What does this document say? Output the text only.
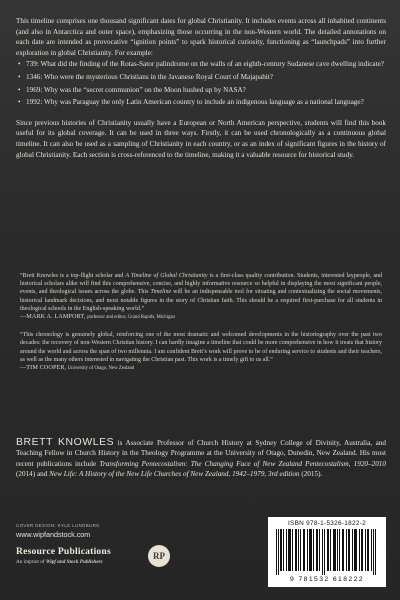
This timeline comprises one thousand significant dates for global Christianity. It includes events across all inhabited continents (and also in Antarctica and outer space), emphasizing those occurring in the non-Western world. The detailed annotations on each date are intended as provocative “ignition points” to spark historical curiosity, functioning as “launchpads” into further exploration in global Christianity. For example:

• 739: What did the finding of the Rotas-Sator palindrome on the walls of an eighth-century Sudanese cave dwelling indicate?
• 1346: Who were the mysterious Christians in the Javanese Royal Court of Majapahit?
• 1969: Why was the “secret communion” on the Moon hushed up by NASA?
• 1992: Why was Paraguay the only Latin American country to include an indigenous language as a national language?

Since previous histories of Christianity usually have a European or North American perspective, students will find this book useful for its global coverage. It can be used in three ways. Firstly, it can be used chronologically as a continuous global timeline. It can also be used as a sampling of Christianity in each country, or as an index of significant figures in the history of global Christianity. Each section is cross-referenced to the timeline, making it a valuable resource for historical study.

“Brett Knowles is a top-flight scholar and A Timeline of Global Christianity is a first-class quality contribution. Students, interested laypeople, and historical scholars alike will find this comprehensive, concise, and highly informative resource so helpful in displaying the most significant people, events, and theological issues across the globe. This Timeline will be an indispensable tool for situating and contextualizing the social movements, historical landmark decisions, and most notable figures in the story of Christian faith. This should be a required first-purchase for all students in theological schools in the English-speaking world.”

—MARK A. LAMPORT, professor and editor, Grand Rapids, Michigan

“This chronology is genuinely global, reinforcing one of the most dramatic and welcomed developments in the historiography over the past two decades: the recovery of non-Western Christian history. I can hardly imagine a timeline that could be more comprehensive in how it treats that history around the world and across the span of two millennia. I am confident Brett’s work will prove to be of enduring service to students and their teachers, as well as the many others interested in navigating the Christian past. This work is a timely gift to us all.”

—TIM COOPER, University of Otago, New Zealand

BRETT KNOWLES is Associate Professor of Church History at Sydney College of Divinity, Australia, and Teaching Fellow in Church History in the Theology Programme at the University of Otago, Dunedin, New Zealand. His most recent publications include Transforming Pentecostalism: The Changing Face of New Zealand Pentecostalism, 1920–2010 (2014) and New Life: A History of the New Life Churches of New Zealand, 1942–1979, 3rd edition (2015).

COVER DESIGN: KYLE LUNDBURG
www.wipfandstock.com
Resource Publications
An imprint of Wipf and Stock Publishers
RP
ISBN 978-1-5326-1822-2
9 781532 618222
